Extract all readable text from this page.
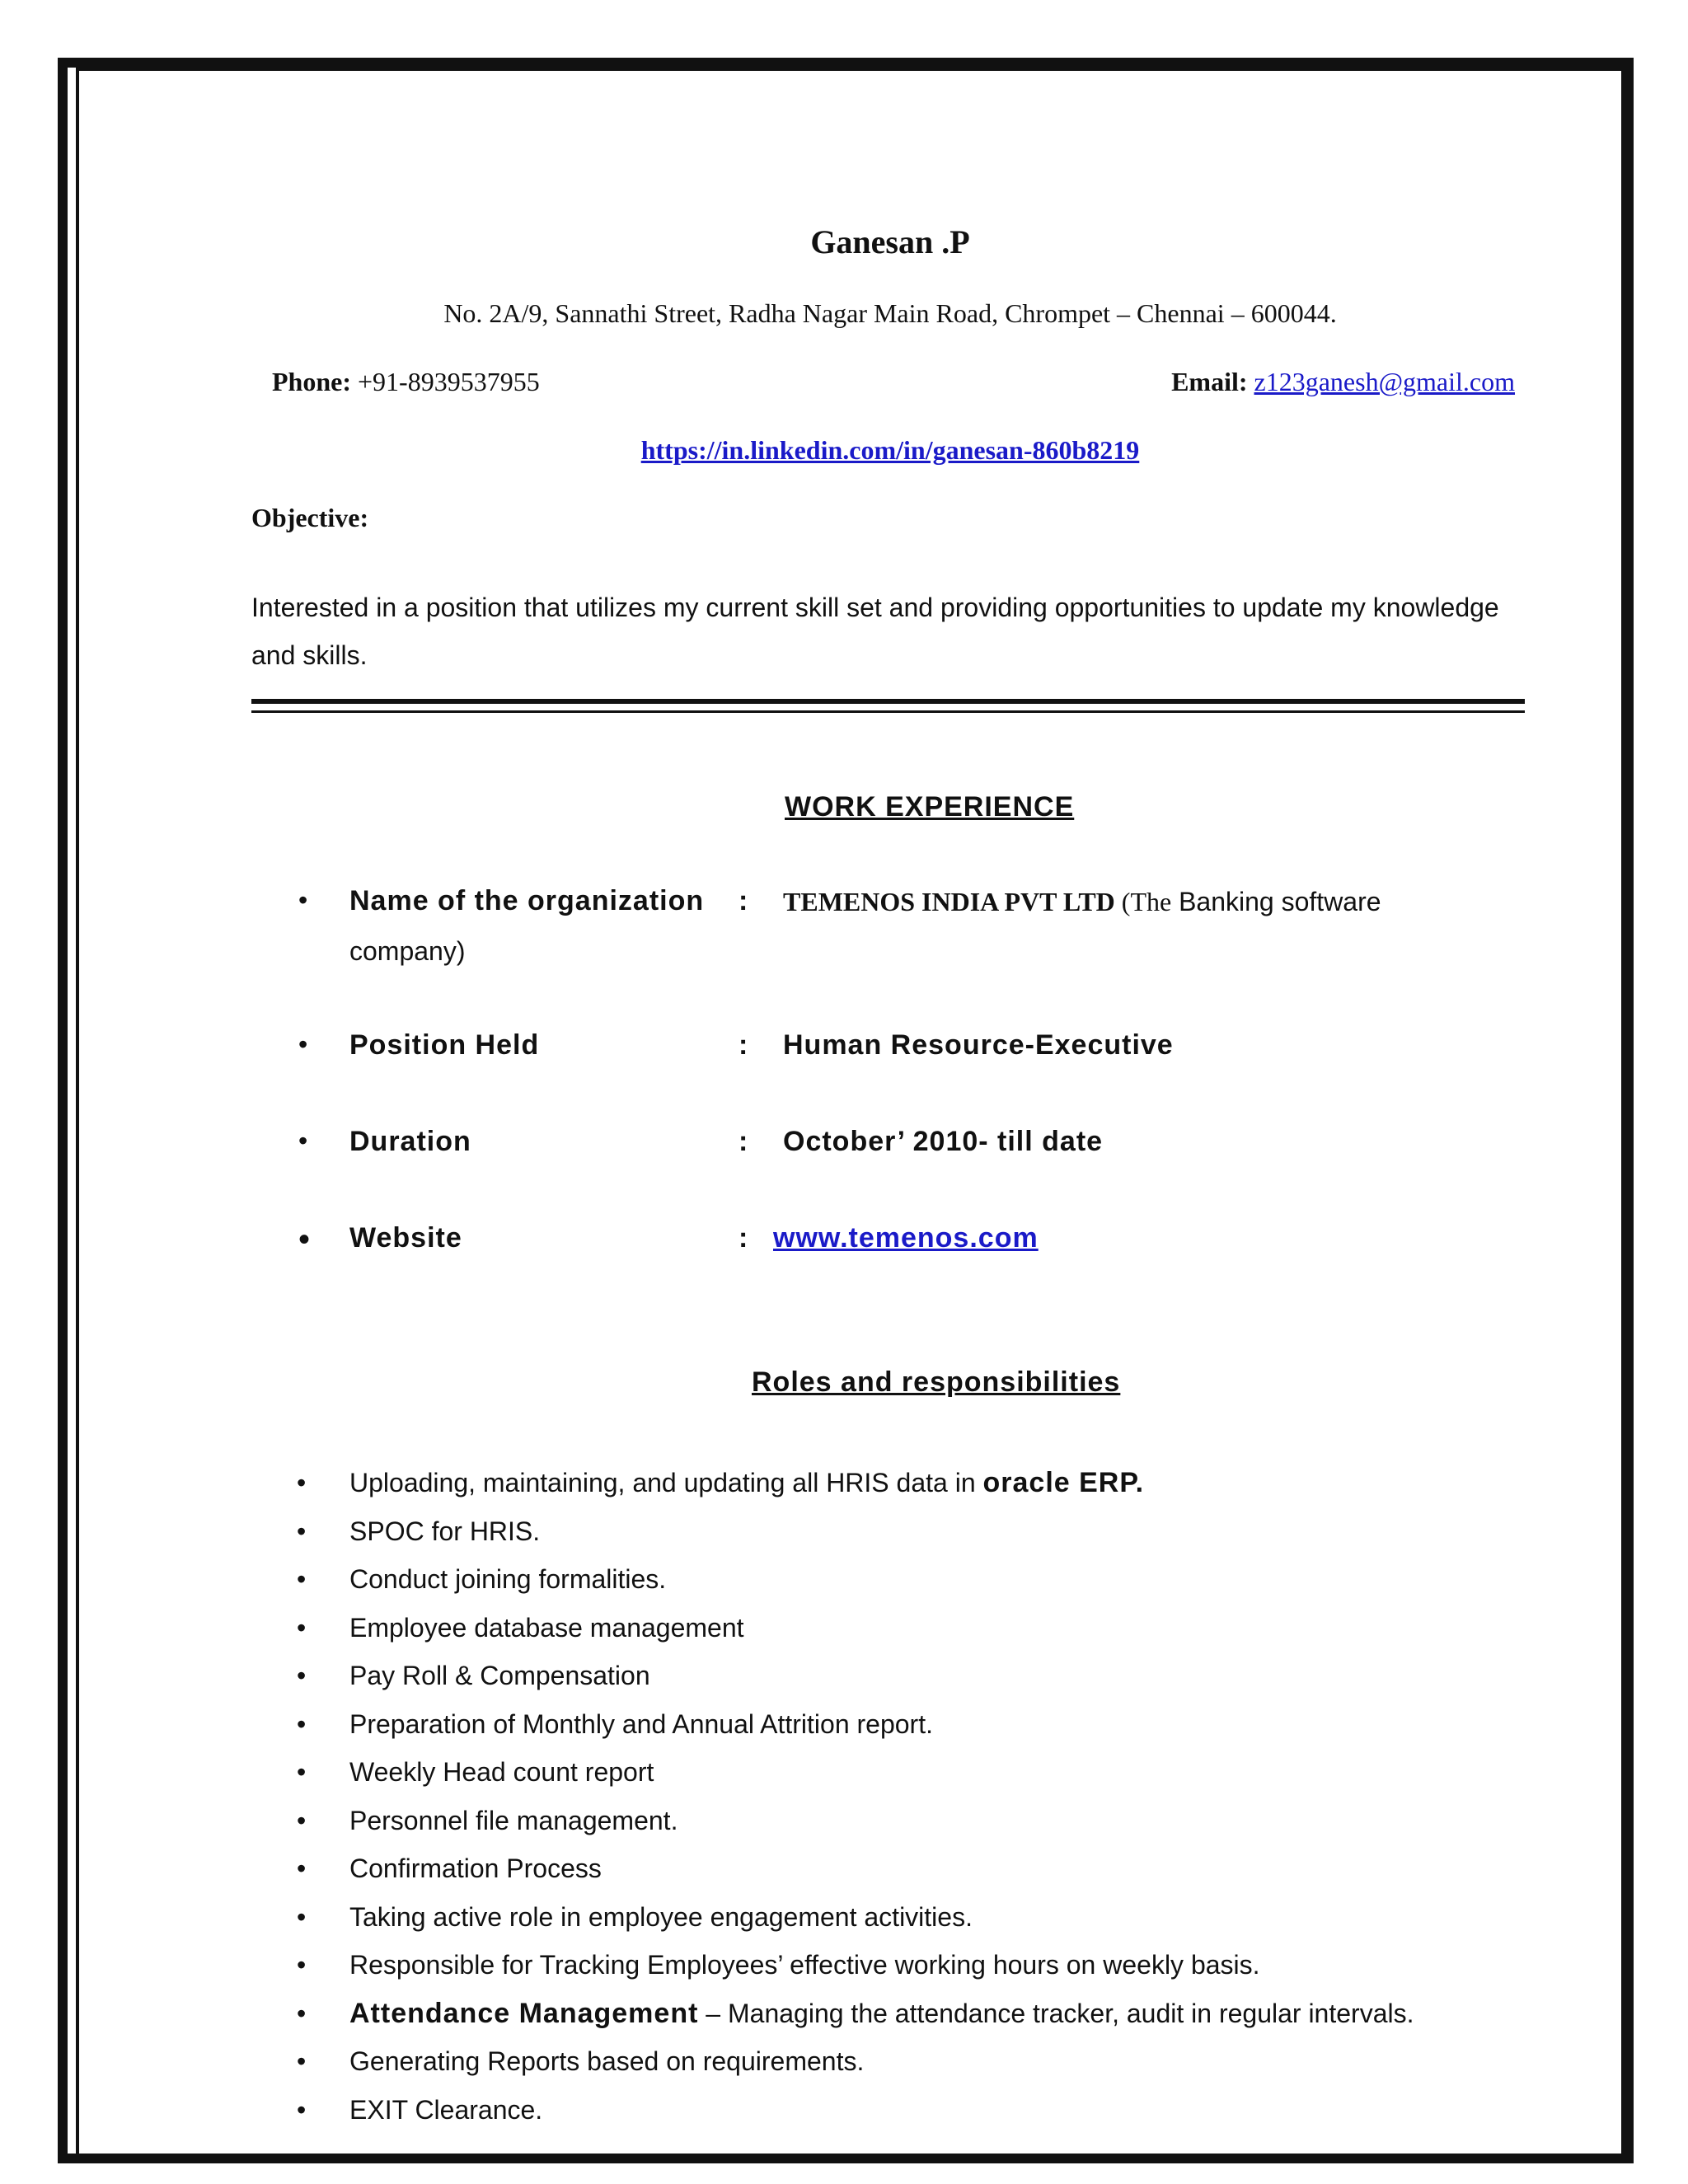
Ganesan .P
No. 2A/9, Sannathi Street, Radha Nagar Main Road, Chrompet – Chennai – 600044.
Phone: +91-8939537955	Email: z123ganesh@gmail.com
https://in.linkedin.com/in/ganesan-860b8219
Objective:
Interested in a position that utilizes my current skill set and providing opportunities to update my knowledge and skills.
WORK EXPERIENCE
• Name of the organization : TEMENOS INDIA PVT LTD (The Banking software
company)
• Position Held	: Human Resource-Executive
• Duration	: October’ 2010- till date
• Website	: www.temenos.com
Roles and responsibilities
• Uploading, maintaining, and updating all HRIS data in oracle ERP.
• SPOC for HRIS.
• Conduct joining formalities.
• Employee database management
• Pay Roll & Compensation
• Preparation of Monthly and Annual Attrition report.
• Weekly Head count report
• Personnel file management.
• Confirmation Process
• Taking active role in employee engagement activities.
• Responsible for Tracking Employees’ effective working hours on weekly basis.
• Attendance Management – Managing the attendance tracker, audit in regular intervals.
• Generating Reports based on requirements.
• EXIT Clearance.
